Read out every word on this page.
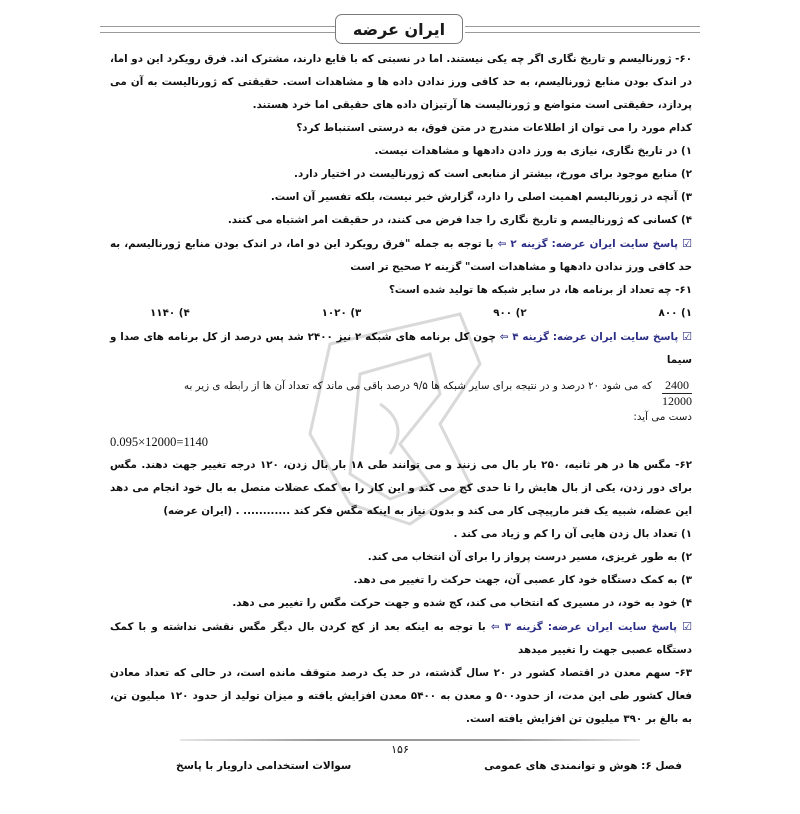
ایران عرضه

۶۰- ژورنالیسم و تاریخ نگاری اگر چه یکی نیستند. اما در نسبتی که با قایع دارند، مشترک اند. فرق رویکرد این دو اما، در اندک بودن منابع ژورنالیسم، به حد کافی ورز ندادن داده ها و مشاهدات است. حقیقتی که ژورنالیست به آن می پردازد، حقیقتی است متواضع و ژورنالیست ها آرتیزان داده های حقیقی اما خرد هستند.

کدام مورد را می توان از اطلاعات مندرج در متن فوق، به درستی استنباط کرد؟

۱) در تاریخ نگاری، نیازی به ورز دادن دادهها و مشاهدات نیست.

۲) منابع موجود برای مورخ، بیشتر از منابعی است که ژورنالیست در اختیار دارد.

۳) آنچه در ژورنالیسم اهمیت اصلی را دارد، گزارش خبر نیست، بلکه تفسیر آن است.

۴) کسانی که ژورنالیسم و تاریخ نگاری را جدا فرض می کنند، در حقیقت امر اشتباه می کنند.

☑ پاسخ سایت ایران عرضه: گزینه ۲ ⇦ با توجه به جمله "فرق رویکرد این دو اما، در اندک بودن منابع ژورنالیسم، به حد کافی ورز ندادن دادهها و مشاهدات است" گزینه ۲ صحیح تر است

۶۱- چه تعداد از برنامه ها، در سایر شبکه ها تولید شده است؟

۱) ۸۰۰
۲) ۹۰۰
۳) ۱۰۲۰
۴) ۱۱۴۰

☑ پاسخ سایت ایران عرضه: گزینه ۴ ⇦ چون کل برنامه های شبکه ۲ نیز ۲۴۰۰ شد پس درصد از کل برنامه های صدا و سیما

$\frac{2400}{12000}$
که می شود ۲۰ درصد و در نتیجه برای سایر شبکه ها ۹/۵ درصد باقی می ماند که تعداد آن ها از رابطه ی زیر به

دست می آید:

0.095×12000=1140

۶۲- مگس ها در هر ثانیه، ۲۵۰ بار بال می زنند و می توانند طی ۱۸ بار بال زدن، ۱۲۰ درجه تغییر جهت دهند. مگس برای دور زدن، یکی از بال هایش را تا حدی کج می کند و این کار را به کمک عضلات متصل به بال خود انجام می دهد این عضله، شبیه یک فنر مارپیچی کار می کند و بدون نیاز به اینکه مگس فکر کند ............ . (ایران عرضه)

۱) تعداد بال زدن هایی آن را کم و زیاد می کند .

۲) به طور غریزی، مسیر درست پرواز را برای آن انتخاب می کند.

۳) به کمک دستگاه خود کار عصبی آن، جهت حرکت را تغییر می دهد.

۴) خود به خود، در مسیری که انتخاب می کند، کج شده و جهت حرکت مگس را تغییر می دهد.

☑ پاسخ سایت ایران عرضه: گزینه ۳ ⇦ با توجه به اینکه بعد از کج کردن بال دیگر مگس نقشی نداشته و با کمک دستگاه عصبی جهت را تغییر میدهد

۶۳- سهم معدن در اقتصاد کشور در ۲۰ سال گذشته، در حد یک درصد متوقف مانده است، در حالی که تعداد معادن فعال کشور طی این مدت، از حدود۵۰۰ و معدن به ۵۴۰۰ معدن افزایش یافته و میزان تولید از حدود ۱۲۰ میلیون تن، به بالغ بر ۳۹۰ میلیون تن افزایش یافته است.

۱۵۶
فصل ۶: هوش و توانمندی های عمومی
سوالات استخدامی دارویار با پاسخ
